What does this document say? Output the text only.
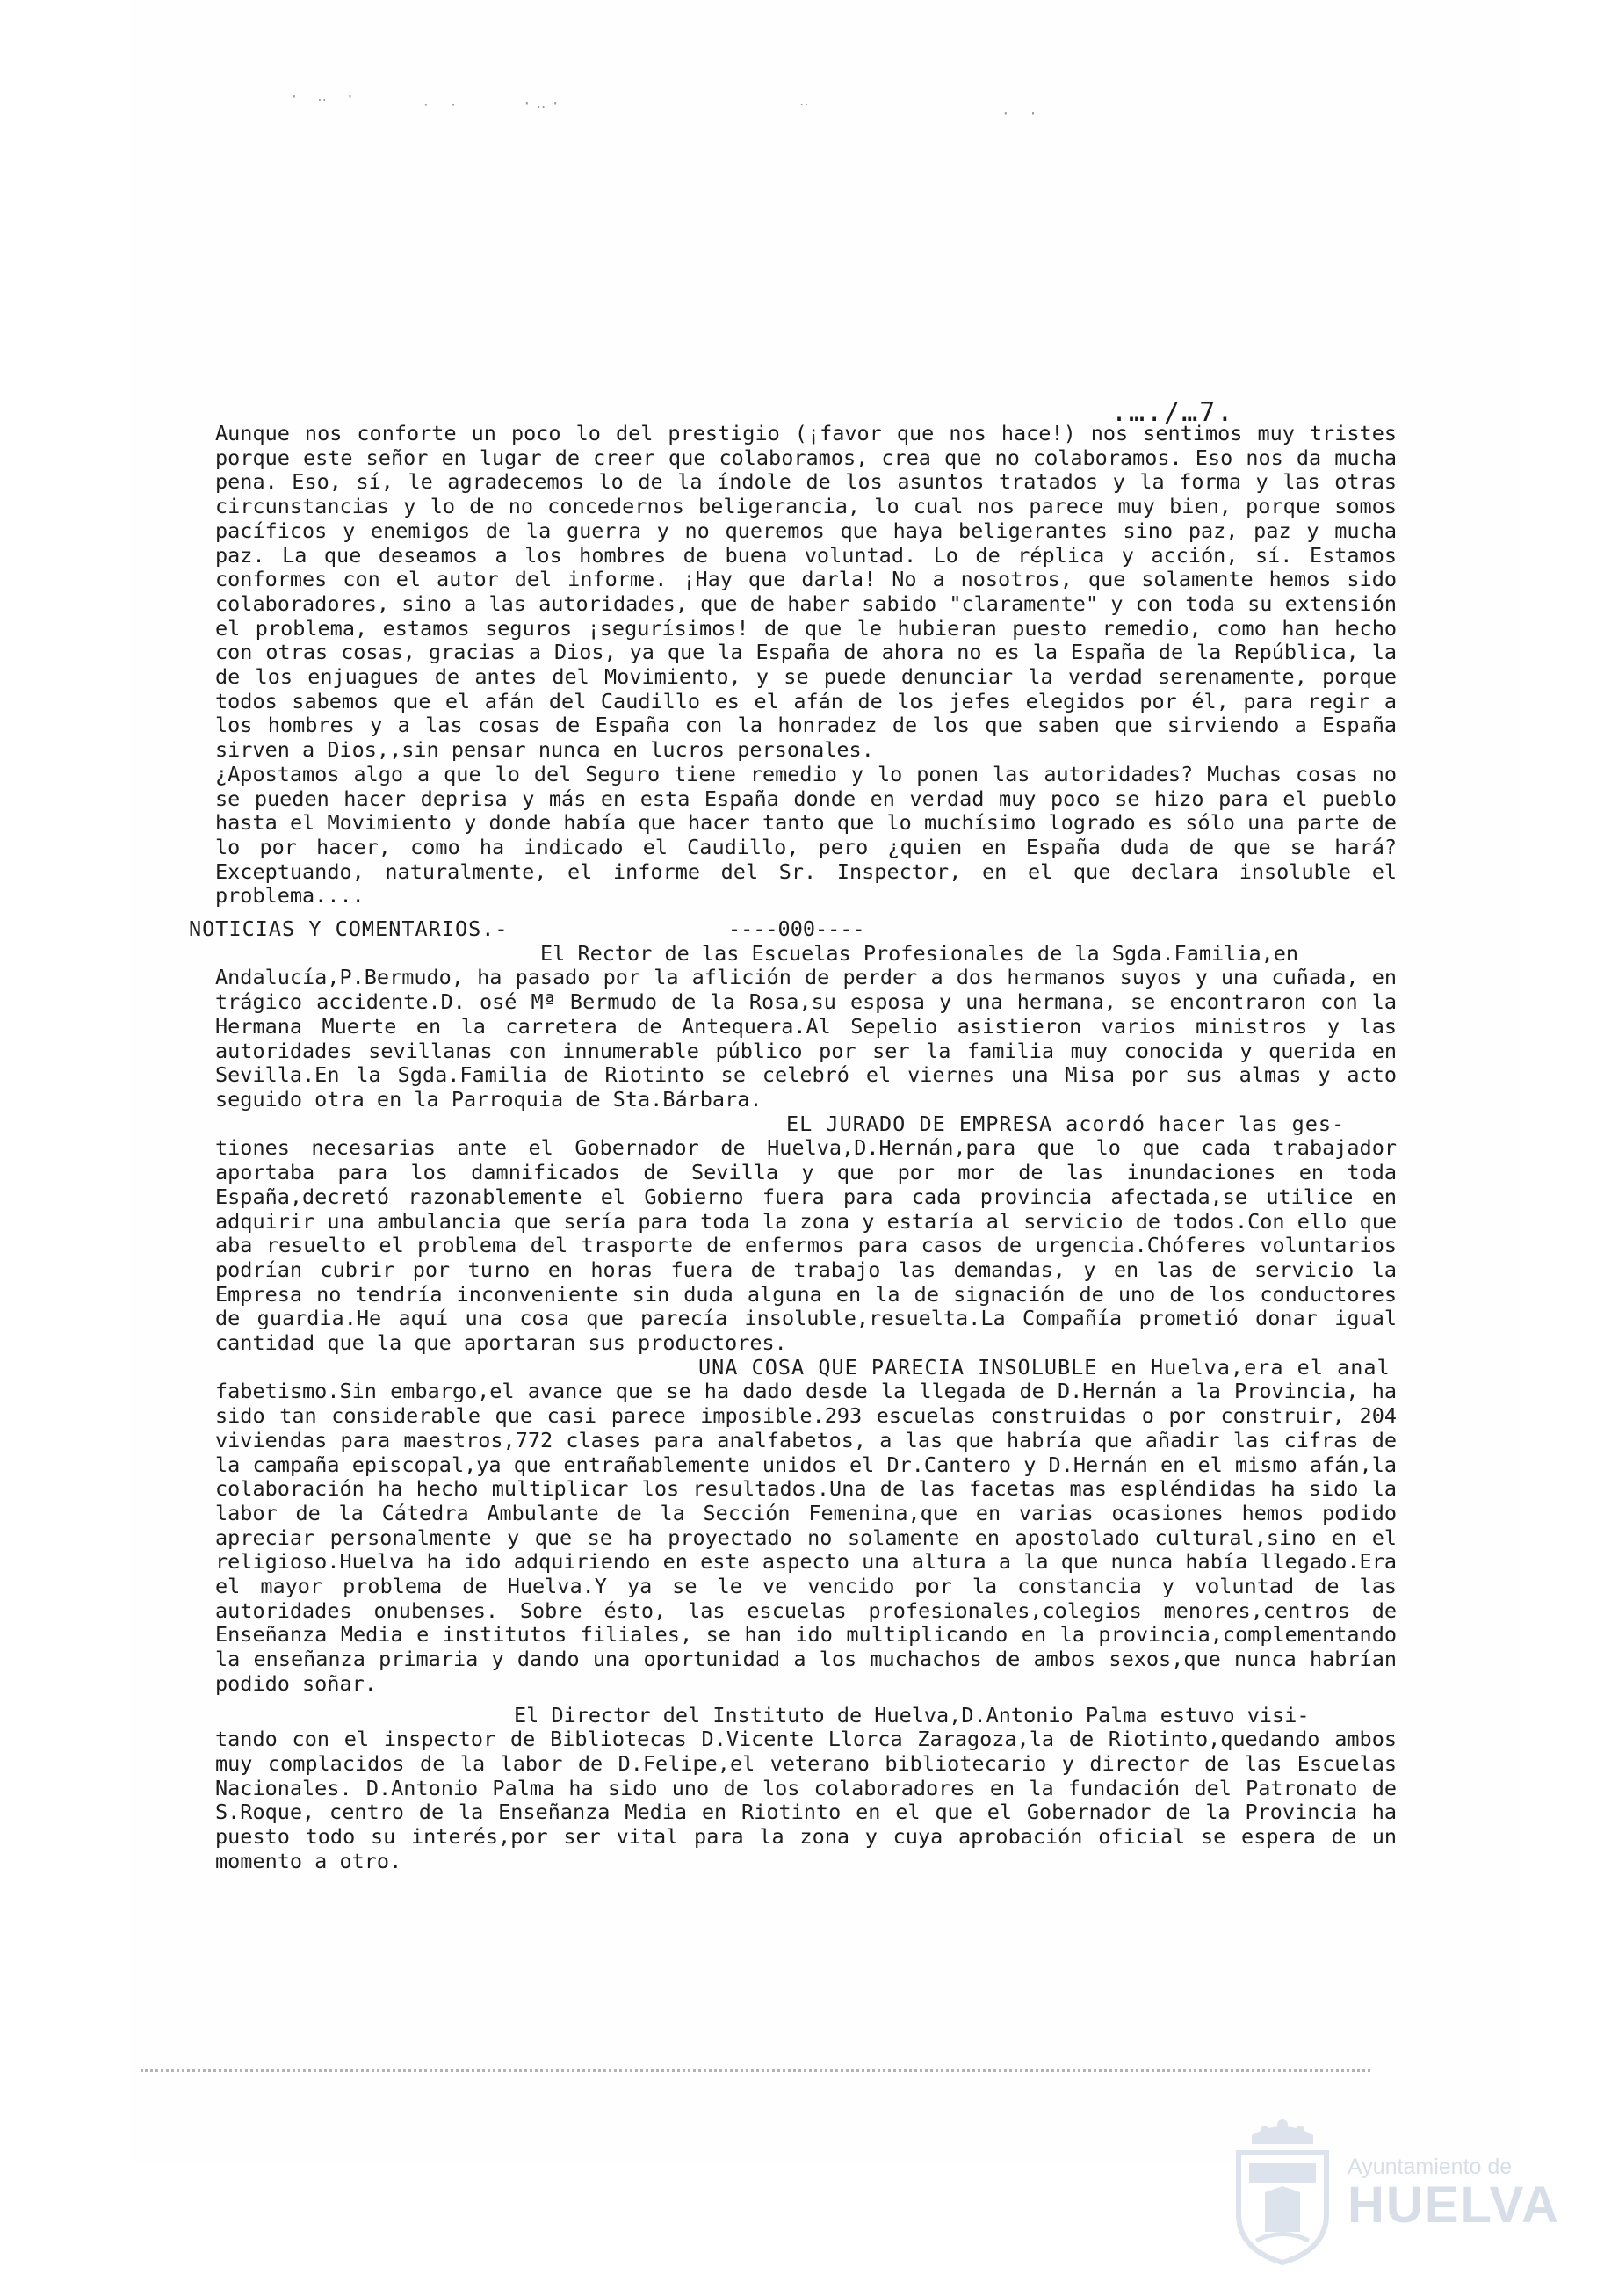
· ‥ ·
· ·	·‥·	‥
· ·

.…./…7.

Aunque nos conforte un poco lo del prestigio (¡favor que nos hace!) nos sentimos muy tristes porque este señor en lugar de creer que colaboramos, crea que no colaboramos. Eso nos da mucha pena. Eso, sí, le agradecemos lo de la índole de los asuntos tratados y la forma y las otras circunstancias y lo de no concedernos beligerancia, lo cual nos parece muy bien, porque somos pacíficos y enemigos de la guerra y no queremos que haya beligerantes sino paz, paz y mucha paz. La que deseamos a los hombres de buena voluntad. Lo de réplica y acción, sí. Estamos conformes con el autor del informe. ¡Hay que darla! No a nosotros, que solamente hemos sido colaboradores, sino a las autoridades, que de haber sabido "claramente" y con toda su extensión el problema, estamos seguros ¡segurísimos! de que le hubieran puesto remedio, como han hecho con otras cosas, gracias a Dios, ya que la España de ahora no es la España de la República, la de los enjuagues de antes del Movimiento, y se puede denunciar la verdad serenamente, porque todos sabemos que el afán del Caudillo es el afán de los jefes elegidos por él, para regir a los hombres y a las cosas de España con la honradez de los que saben que sirviendo a España sirven a Dios,,sin pensar nunca en lucros personales.

¿Apostamos algo a que lo del Seguro tiene remedio y lo ponen las autoridades? Muchas cosas no se pueden hacer deprisa y más en esta España donde en verdad muy poco se hizo para el pueblo hasta el Movimiento y donde había que hacer tanto que lo muchísimo logrado es sólo una parte de lo por hacer, como ha indicado el Caudillo, pero ¿quien en España duda de que se hará? Exceptuando, naturalmente, el informe del Sr. Inspector, en el que declara insoluble el problema....

NOTICIAS Y COMENTARIOS.-	----000----

El Rector de las Escuelas Profesionales de la Sgda.Familia,en

Andalucía,P.Bermudo, ha pasado por la aflición de perder a dos hermanos suyos y una cuñada, en trágico accidente.D. osé Mª Bermudo de la Rosa,su esposa y una hermana, se encontraron con la Hermana Muerte en la carretera de Antequera.Al Sepelio asistieron varios ministros y las autoridades sevillanas con innumerable público por ser la familia muy conocida y querida en Sevilla.En la Sgda.Familia de Riotinto se celebró el viernes una Misa por sus almas y acto seguido otra en la Parroquia de Sta.Bárbara.

EL JURADO DE EMPRESA acordó hacer las ges-

tiones necesarias ante el Gobernador de Huelva,D.Hernán,para que lo que cada trabajador aportaba para los damnificados de Sevilla y que por mor de las inundaciones en toda España,decretó razonablemente el Gobierno fuera para cada provincia afectada,se utilice en adquirir una ambulancia que sería para toda la zona y estaría al servicio de todos.Con ello que aba resuelto el problema del trasporte de enfermos para casos de urgencia.Chóferes voluntarios podrían cubrir por turno en horas fuera de trabajo las demandas, y en las de servicio la Empresa no tendría inconveniente sin duda alguna en la de signación de uno de los conductores de guardia.He aquí una cosa que parecía insoluble,resuelta.La Compañía prometió donar igual cantidad que la que aportaran sus productores.

UNA COSA QUE PARECIA INSOLUBLE en Huelva,era el anal

fabetismo.Sin embargo,el avance que se ha dado desde la llegada de D.Hernán a la Provincia, ha sido tan considerable que casi parece imposible.293 escuelas construidas o por construir, 204 viviendas para maestros,772 clases para analfabetos, a las que habría que añadir las cifras de la campaña episcopal,ya que entrañablemente unidos el Dr.Cantero y D.Hernán en el mismo afán,la colaboración ha hecho multiplicar los resultados.Una de las facetas mas espléndidas ha sido la labor de la Cátedra Ambulante de la Sección Femenina,que en varias ocasiones hemos podido apreciar personalmente y que se ha proyectado no solamente en apostolado cultural,sino en el religioso.Huelva ha ido adquiriendo en este aspecto una altura a la que nunca había llegado.Era el mayor problema de Huelva.Y ya se le ve vencido por la constancia y voluntad de las autoridades onubenses. Sobre ésto, las escuelas profesionales,colegios menores,centros de Enseñanza Media e institutos filiales, se han ido multiplicando en la provincia,complementando la enseñanza primaria y dando una oportunidad a los muchachos de ambos sexos,que nunca habrían podido soñar.

El Director del Instituto de Huelva,D.Antonio Palma estuvo visi-

tando con el inspector de Bibliotecas D.Vicente Llorca Zaragoza,la de Riotinto,quedando ambos muy complacidos de la labor de D.Felipe,el veterano bibliotecario y director de las Escuelas Nacionales. D.Antonio Palma ha sido uno de los colaboradores en la fundación del Patronato de S.Roque, centro de la Enseñanza Media en Riotinto en el que el Gobernador de la Provincia ha puesto todo su interés,por ser vital para la zona y cuya aprobación oficial se espera de un momento a otro.

Ayuntamiento de
HUELVA
